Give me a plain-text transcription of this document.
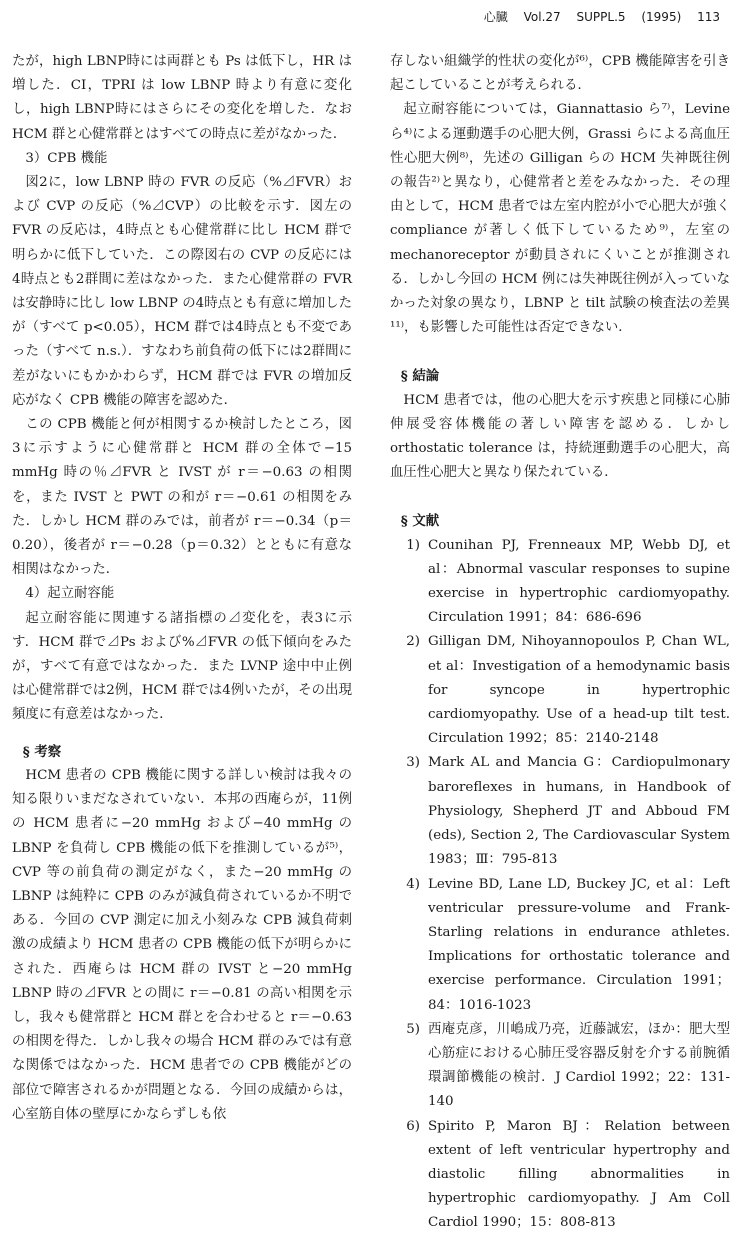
心臓 Vol.27 SUPPL.5 (1995) 113

たが，high LBNP時には両群とも Ps は低下し，HR は増した．CI，TPRI は low LBNP 時より有意に変化し，high LBNP時にはさらにその変化を増した．なお HCM 群と心健常群とはすべての時点に差がなかった．

3）CPB 機能

図2に，low LBNP 時の FVR の反応（%⊿FVR）および CVP の反応（%⊿CVP）の比較を示す．図左の FVR の反応は，4時点とも心健常群に比し HCM 群で明らかに低下していた．この際図右の CVP の反応には4時点とも2群間に差はなかった．また心健常群の FVR は安静時に比し low LBNP の4時点とも有意に増加したが（すべて p<0.05），HCM 群では4時点とも不変であった（すべて n.s.）．すなわち前負荷の低下には2群間に差がないにもかかわらず，HCM 群では FVR の増加反応がなく CPB 機能の障害を認めた．

この CPB 機能と何が相関するか検討したところ，図3に示すように心健常群と HCM 群の全体で−15 mmHg 時の％⊿FVR と IVST が r＝−0.63 の相関を，また IVST と PWT の和が r＝−0.61 の相関をみた．しかし HCM 群のみでは，前者が r＝−0.34（p＝0.20），後者が r＝−0.28（p＝0.32）とともに有意な相関はなかった．

4）起立耐容能

起立耐容能に関連する諸指標の⊿変化を，表3に示す．HCM 群で⊿Ps および%⊿FVR の低下傾向をみたが，すべて有意ではなかった．また LVNP 途中中止例は心健常群では2例，HCM 群では4例いたが，その出現頻度に有意差はなかった．

§ 考察

HCM 患者の CPB 機能に関する詳しい検討は我々の知る限りいまだなされていない．本邦の西庵らが，11例の HCM 患者に−20 mmHg および−40 mmHg の LBNP を負荷し CPB 機能の低下を推測しているが⁵⁾，CVP 等の前負荷の測定がなく，また−20 mmHg の LBNP は純粋に CPB のみが減負荷されているか不明である．今回の CVP 測定に加え小刻みな CPB 減負荷刺激の成績より HCM 患者の CPB 機能の低下が明らかにされた．西庵らは HCM 群の IVST と−20 mmHg LBNP 時の⊿FVR との間に r＝−0.81 の高い相関を示し，我々も健常群と HCM 群とを合わせると r＝−0.63 の相関を得た．しかし我々の場合 HCM 群のみでは有意な関係ではなかった．HCM 患者での CPB 機能がどの部位で障害されるかが問題となる．今回の成績からは，心室筋自体の壁厚にかならずしも依

存しない組織学的性状の変化が⁶⁾，CPB 機能障害を引き起こしていることが考えられる．

起立耐容能については，Giannattasio ら⁷⁾，Levine ら⁴⁾による運動選手の心肥大例，Grassi らによる高血圧性心肥大例⁸⁾，先述の Gilligan らの HCM 失神既往例の報告²⁾と異なり，心健常者と差をみなかった．その理由として，HCM 患者では左室内腔が小で心肥大が強く compliance が著しく低下しているため⁹⁾，左室の mechanoreceptor が動員されにくいことが推測される．しかし今回の HCM 例には失神既往例が入っていなかった対象の異なり，LBNP と tilt 試験の検査法の差異¹¹⁾，も影響した可能性は否定できない．

§ 結論

HCM 患者では，他の心肥大を示す疾患と同様に心肺伸展受容体機能の著しい障害を認める．しかし orthostatic tolerance は，持続運動選手の心肥大，高血圧性心肥大と異なり保たれている．

§ 文献

1) Counihan PJ, Frenneaux MP, Webb DJ, et al：Abnormal vascular responses to supine exercise in hypertrophic cardiomyopathy. Circulation 1991；84：686-696
2) Gilligan DM, Nihoyannopoulos P, Chan WL, et al：Investigation of a hemodynamic basis for syncope in hypertrophic cardiomyopathy. Use of a head-up tilt test. Circulation 1992；85：2140-2148
3) Mark AL and Mancia G：Cardiopulmonary baroreflexes in humans, in Handbook of Physiology, Shepherd JT and Abboud FM (eds), Section 2, The Cardiovascular System 1983；Ⅲ：795-813
4) Levine BD, Lane LD, Buckey JC, et al：Left ventricular pressure-volume and Frank-Starling relations in endurance athletes. Implications for orthostatic tolerance and exercise performance. Circulation 1991；84：1016-1023
5) 西庵克彦，川嶋成乃亮，近藤誠宏，ほか：肥大型心筋症における心肺圧受容器反射を介する前腕循環調節機能の検討．J Cardiol 1992；22：131-140
6) Spirito P, Maron BJ：Relation between extent of left ventricular hypertrophy and diastolic filling abnormalities in hypertrophic cardiomyopathy. J Am Coll Cardiol 1990；15：808-813
